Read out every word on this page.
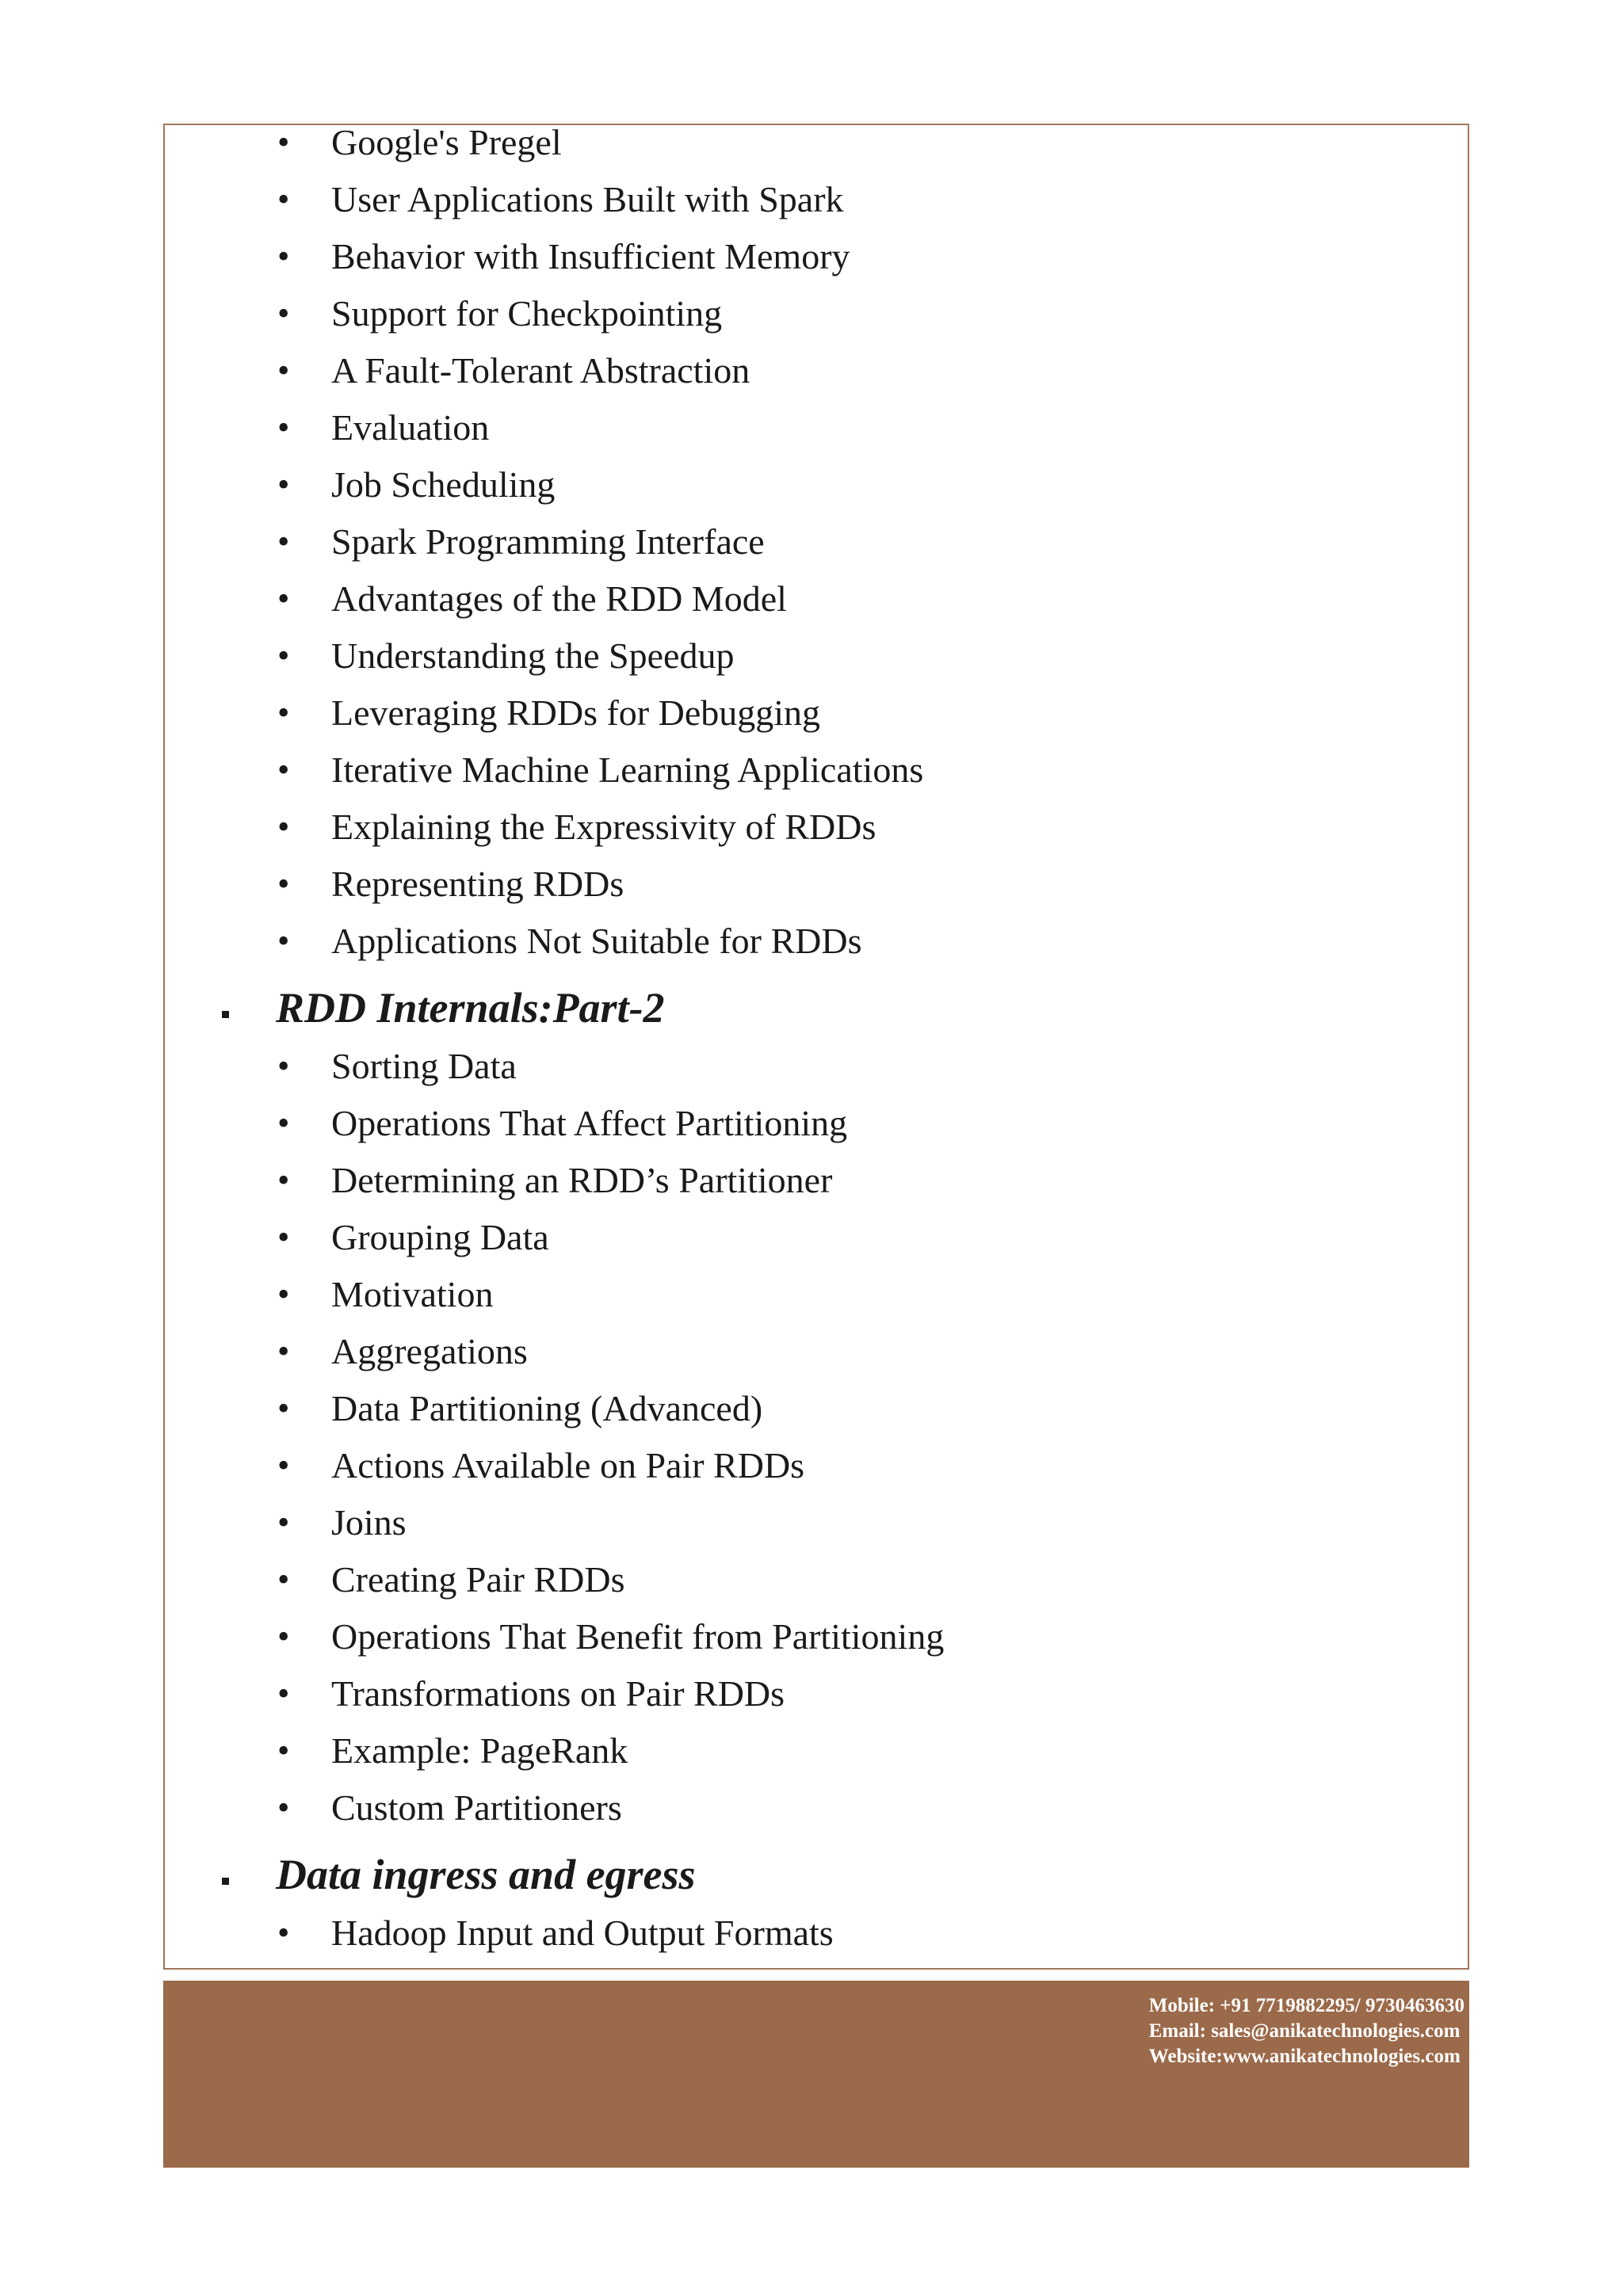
• Google's Pregel
• User Applications Built with Spark
• Behavior with Insufficient Memory
• Support for Checkpointing
• A Fault-Tolerant Abstraction
• Evaluation
• Job Scheduling
• Spark Programming Interface
• Advantages of the RDD Model
• Understanding the Speedup
• Leveraging RDDs for Debugging
• Iterative Machine Learning Applications
• Explaining the Expressivity of RDDs
• Representing RDDs
• Applications Not Suitable for RDDs
RDD Internals:Part-2
• Sorting Data
• Operations That Affect Partitioning
• Determining an RDD’s Partitioner
• Grouping Data
• Motivation
• Aggregations
• Data Partitioning (Advanced)
• Actions Available on Pair RDDs
• Joins
• Creating Pair RDDs
• Operations That Benefit from Partitioning
• Transformations on Pair RDDs
• Example: PageRank
• Custom Partitioners
Data ingress and egress
• Hadoop Input and Output Formats
Mobile: +91 7719882295/ 9730463630
Email: sales@anikatechnologies.com
Website:www.anikatechnologies.com
